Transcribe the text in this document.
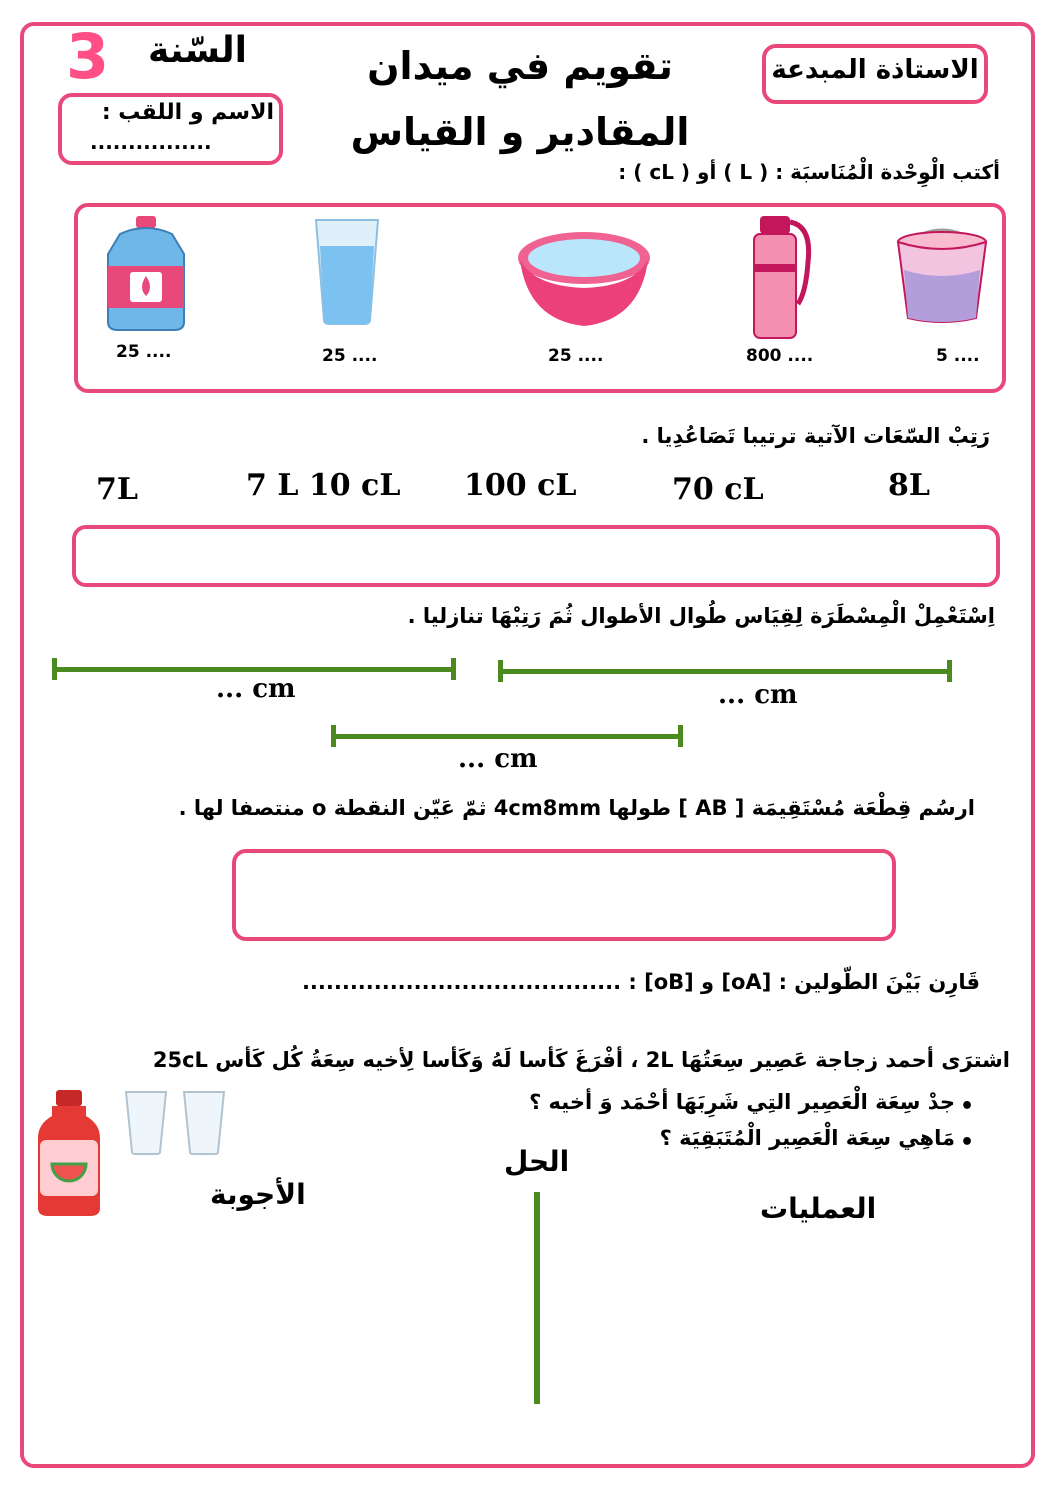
3 السّنة
الاسم و اللقب :
................
تقويم في ميدان
المقادير و القياس
الاستاذة المبدعة
أكتب الْوِحْدة الْمُنَاسبَة : ( L ) أو ( cL ) :
25 ....	25 ....	25 ....	800 ....	5 ....
رَتِبْ السّعَات الآتية ترتيبا تَصَاعُدِيا .
7L	7 L 10 cL 100 cL	70 cL	8L
اِسْتَعْمِلْ الْمِسْطَرَة لِقِيَاس طُوال الأطوال ثُمَ رَتِبْهَا تنازليا .
... cm	... cm
... cm
ارسُم قِطْعَة مُسْتَقِيمَة [ AB ] طولها 4cm8mm ثمّ عَيّن النقطة o منتصفا لها .
قَارِن بَيْنَ الطّولين : [oA] و [oB] : ........................................
اشترَى أحمد زجاجة عَصِير سِعَتُهَا 2L ، أفْرَغَ كَأسا لَهُ وَكَأسا لِأخيه سِعَةُ كُل كَأس 25cL
•
جدْ سِعَة الْعَصِير التِي شَرِبَهَا أحْمَد وَ أخيه ؟
•
مَاهِي سِعَة الْعَصِير الْمُتَبَقِيَة ؟
الأجوبة
الحل
العمليات
